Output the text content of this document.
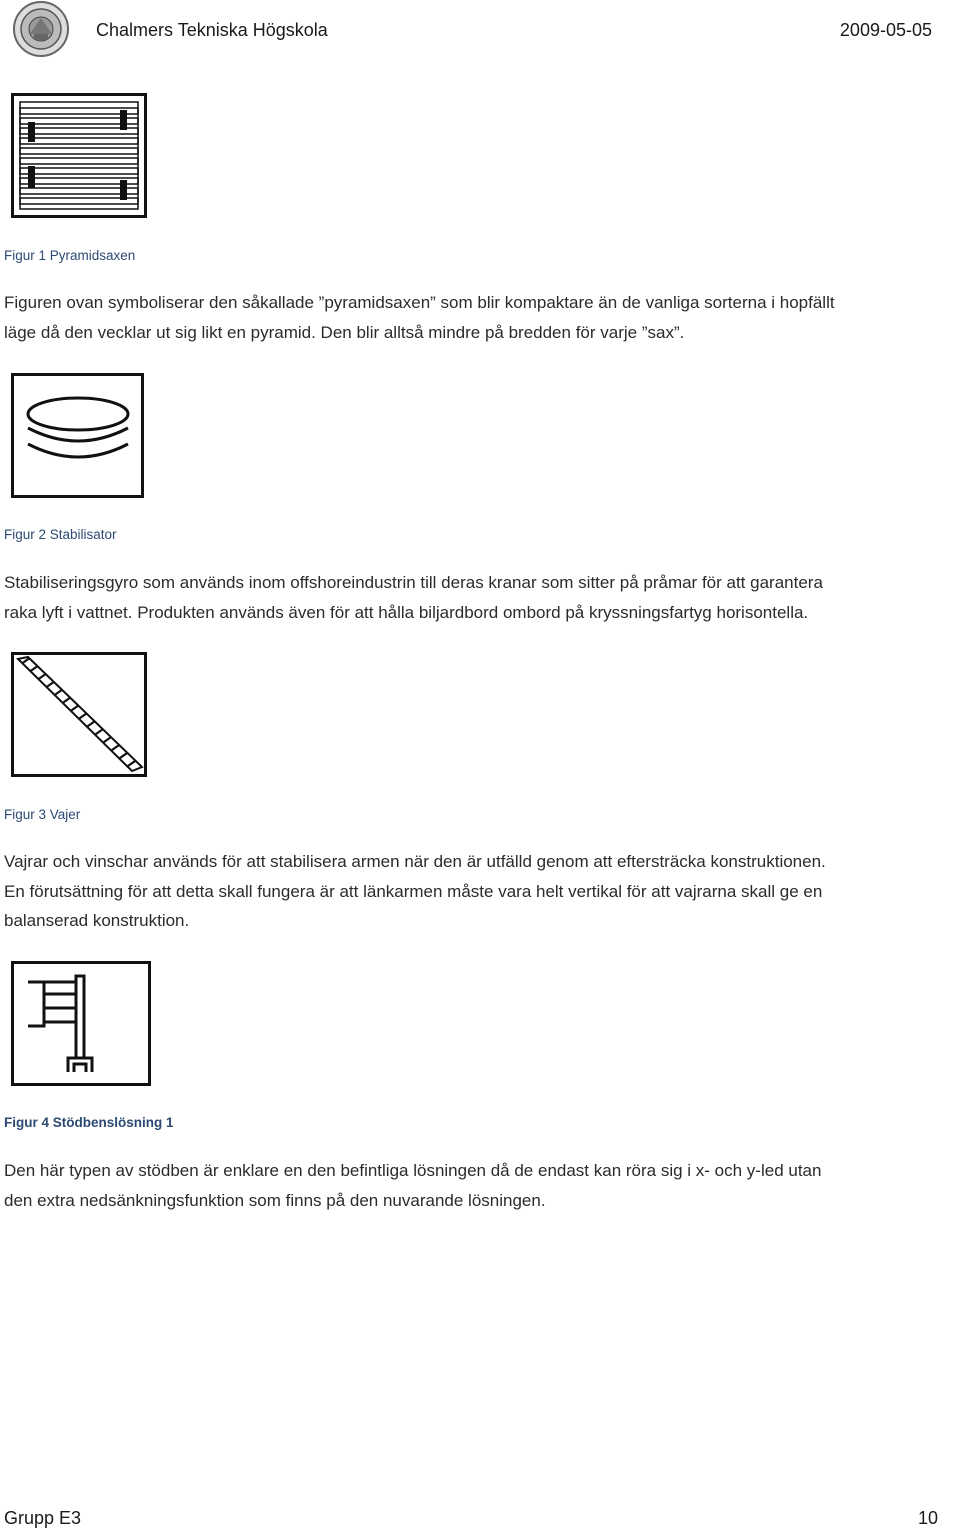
Chalmers Tekniska Högskola	2009-05-05
Figur 1 Pyramidsaxen

Figuren ovan symboliserar den såkallade ”pyramidsaxen” som blir kompaktare än de vanliga sorterna i hopfällt
läge då den vecklar ut sig likt en pyramid. Den blir alltså mindre på bredden för varje ”sax”.

Figur 2 Stabilisator

Stabiliseringsgyro som används inom offshoreindustrin till deras kranar som sitter på pråmar för att garantera
raka lyft i vattnet. Produkten används även för att hålla biljardbord ombord på kryssningsfartyg horisontella.

Figur 3 Vajer

Vajrar och vinschar används för att stabilisera armen när den är utfälld genom att eftersträcka konstruktionen.
En förutsättning för att detta skall fungera är att länkarmen måste vara helt vertikal för att vajrarna skall ge en
balanserad konstruktion.

Figur 4 Stödbenslösning 1

Den här typen av stödben är enklare en den befintliga lösningen då de endast kan röra sig i x- och y-led utan
den extra nedsänkningsfunktion som finns på den nuvarande lösningen.

Grupp E3	10
